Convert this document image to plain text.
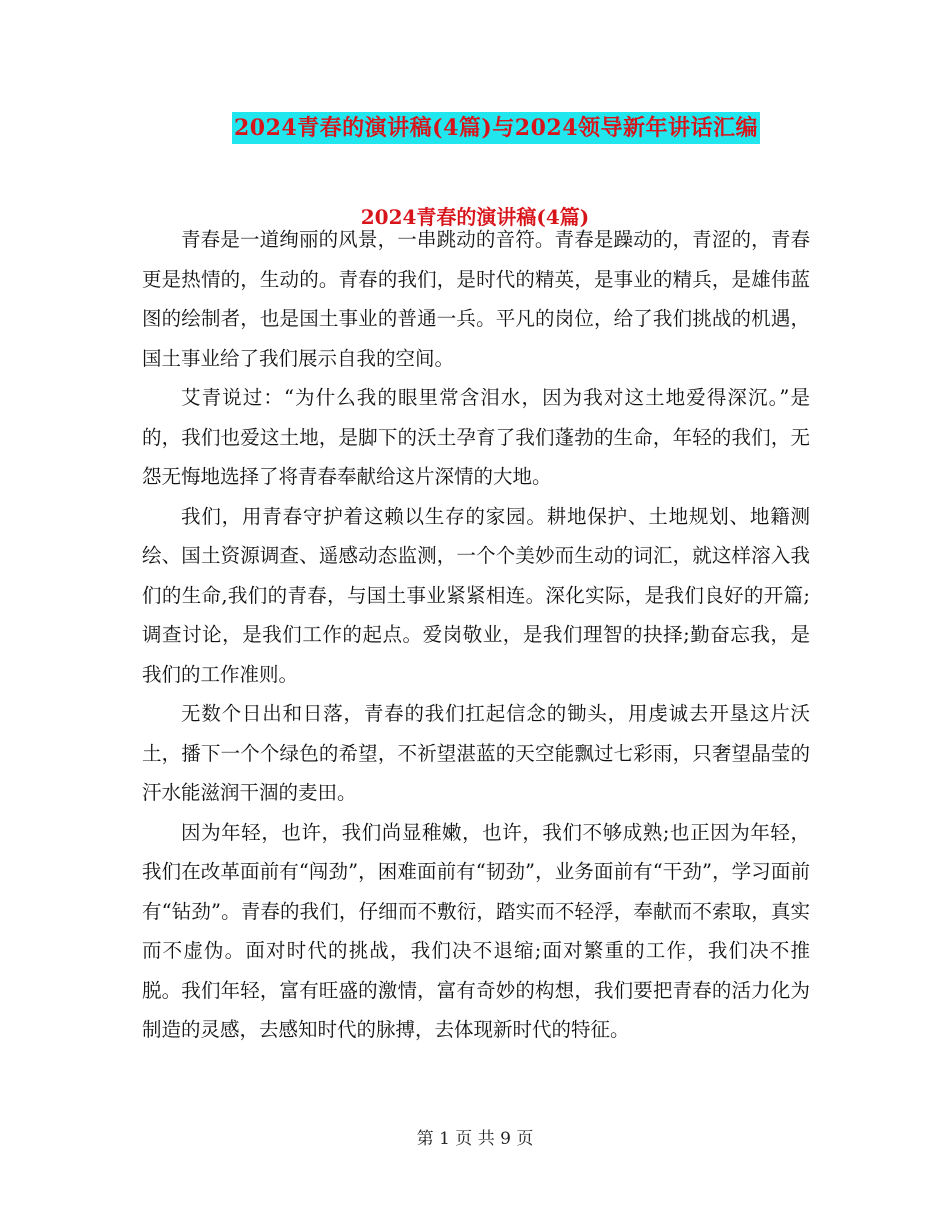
2024青春的演讲稿(4篇)与2024领导新年讲话汇编
2024青春的演讲稿(4篇)

青春是一道绚丽的风景，一串跳动的音符。青春是躁动的，青涩的，青春更是热情的，生动的。青春的我们，是时代的精英，是事业的精兵，是雄伟蓝图的绘制者，也是国土事业的普通一兵。平凡的岗位，给了我们挑战的机遇，国土事业给了我们展示自我的空间。

艾青说过：“为什么我的眼里常含泪水，因为我对这土地爱得深沉。”是的，我们也爱这土地，是脚下的沃土孕育了我们蓬勃的生命，年轻的我们，无怨无悔地选择了将青春奉献给这片深情的大地。

我们，用青春守护着这赖以生存的家园。耕地保护、土地规划、地籍测绘、国土资源调查、遥感动态监测，一个个美妙而生动的词汇，就这样溶入我们的生命,我们的青春，与国土事业紧紧相连。深化实际，是我们良好的开篇;调查讨论，是我们工作的起点。爱岗敬业，是我们理智的抉择;勤奋忘我，是我们的工作准则。

无数个日出和日落，青春的我们扛起信念的锄头，用虔诚去开垦这片沃土，播下一个个绿色的希望，不祈望湛蓝的天空能飘过七彩雨，只奢望晶莹的汗水能滋润干涸的麦田。

因为年轻，也许，我们尚显稚嫩，也许，我们不够成熟;也正因为年轻，我们在改革面前有“闯劲”，困难面前有“韧劲”，业务面前有“干劲”，学习面前有“钻劲”。青春的我们，仔细而不敷衍，踏实而不轻浮，奉献而不索取，真实而不虚伪。面对时代的挑战，我们决不退缩;面对繁重的工作，我们决不推脱。我们年轻，富有旺盛的激情，富有奇妙的构想，我们要把青春的活力化为制造的灵感，去感知时代的脉搏，去体现新时代的特征。

第 1 页 共 9 页
